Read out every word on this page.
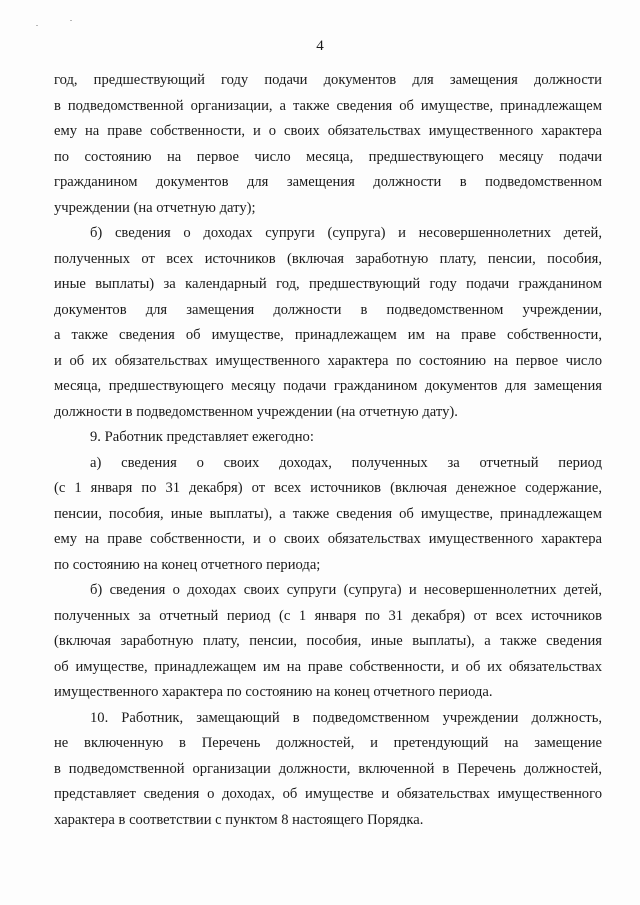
4
год, предшествующий году подачи документов для замещения должности
в подведомственной организации, а также сведения об имуществе, принадлежащем
ему на праве собственности, и о своих обязательствах имущественного характера
по состоянию на первое число месяца, предшествующего месяцу подачи
гражданином документов для замещения должности в подведомственном
учреждении (на отчетную дату);
б) сведения о доходах супруги (супруга) и несовершеннолетних детей,
полученных от всех источников (включая заработную плату, пенсии, пособия,
иные выплаты) за календарный год, предшествующий году подачи гражданином
документов для замещения должности в подведомственном учреждении,
а также сведения об имуществе, принадлежащем им на праве собственности,
и об их обязательствах имущественного характера по состоянию на первое число
месяца, предшествующего месяцу подачи гражданином документов для замещения
должности в подведомственном учреждении (на отчетную дату).
9. Работник представляет ежегодно:
а) сведения о своих доходах, полученных за отчетный период
(с 1 января по 31 декабря) от всех источников (включая денежное содержание,
пенсии, пособия, иные выплаты), а также сведения об имуществе, принадлежащем
ему на праве собственности, и о своих обязательствах имущественного характера
по состоянию на конец отчетного периода;
б) сведения о доходах своих супруги (супруга) и несовершеннолетних детей,
полученных за отчетный период (с 1 января по 31 декабря) от всех источников
(включая заработную плату, пенсии, пособия, иные выплаты), а также сведения
об имуществе, принадлежащем им на праве собственности, и об их обязательствах
имущественного характера по состоянию на конец отчетного периода.
10. Работник, замещающий в подведомственном учреждении должность,
не включенную в Перечень должностей, и претендующий на замещение
в подведомственной организации должности, включенной в Перечень должностей,
представляет сведения о доходах, об имуществе и обязательствах имущественного
характера в соответствии с пунктом 8 настоящего Порядка.
